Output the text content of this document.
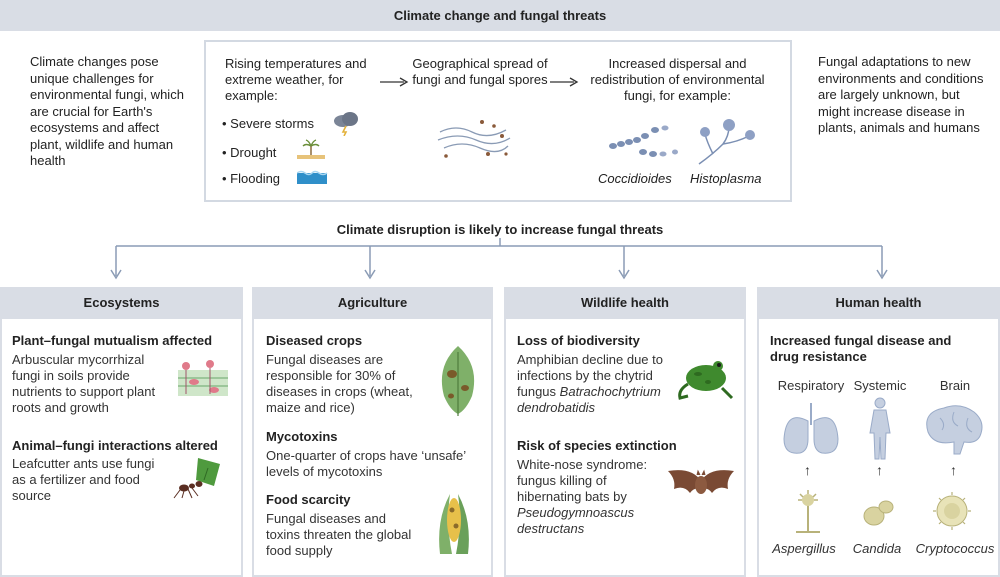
Climate change and fungal threats
Climate changes pose unique challenges for environmental fungi, which are crucial for Earth's ecosystems and affect plant, wildlife and human health
Fungal adaptations to new environments and conditions are largely unknown, but might increase disease in plants, animals and humans
Rising temperatures and extreme weather, for example:
• Severe storms
• Drought
• Flooding
Geographical spread of fungi and fungal spores
Increased dispersal and redistribution of environmental fungi, for example:
Coccidioides Histoplasma
Climate disruption is likely to increase fungal threats
Ecosystems
Plant–fungal mutualism affected
Arbuscular mycorrhizal fungi in soils provide nutrients to support plant roots and growth
Animal–fungi interactions altered
Leafcutter ants use fungi as a fertilizer and food source
Agriculture
Diseased crops
Fungal diseases are responsible for 30% of diseases in crops (wheat, maize and rice)
Mycotoxins
One-quarter of crops have ‘unsafe’ levels of mycotoxins
Food scarcity
Fungal diseases and toxins threaten the global food supply
Wildlife health
Loss of biodiversity
Amphibian decline due to infections by the chytrid fungus Batrachochytrium dendrobatidis
Risk of species extinction
White-nose syndrome: fungus killing of hibernating bats by Pseudogymnoascus destructans
Human health
Increased fungal disease and drug resistance
Respiratory Systemic	Brain
↑	↑	↑
Aspergillus	Candida	Cryptococcus
